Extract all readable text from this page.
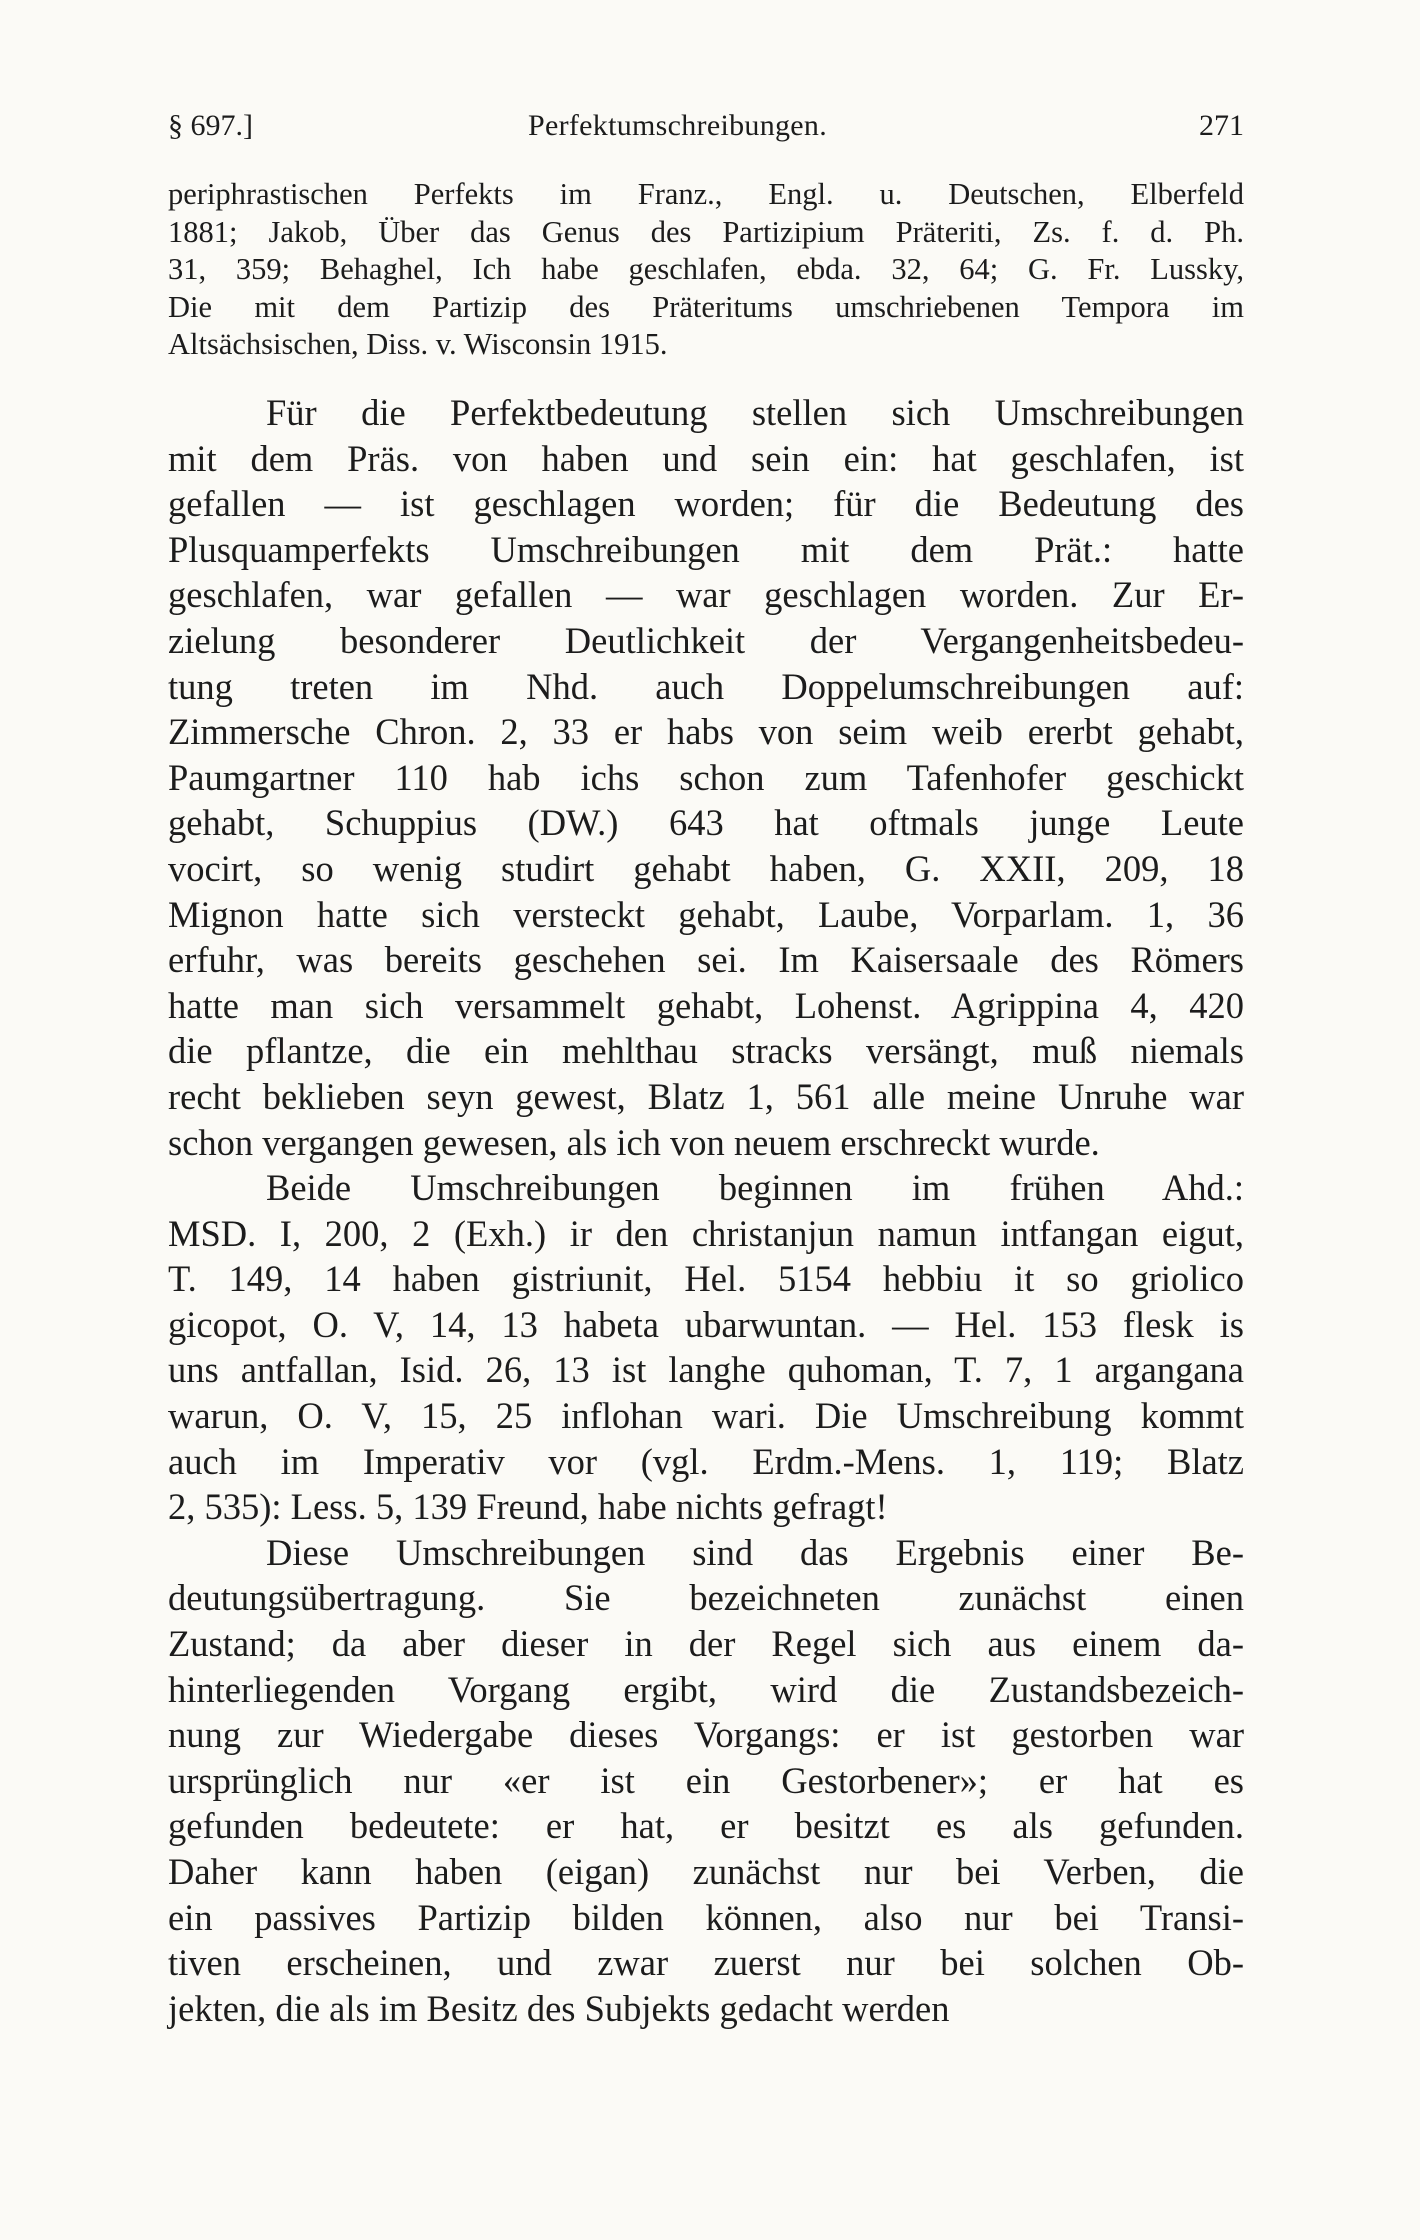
§ 697.]	Perfektumschreibungen.	271
periphrastischen Perfekts im Franz., Engl. u. Deutschen, Elberfeld
1881; Jakob, Über das Genus des Partizipium Präteriti, Zs. f. d. Ph.
31, 359; Behaghel, Ich habe geschlafen, ebda. 32, 64; G. Fr. Lussky,
Die mit dem Partizip des Präteritums umschriebenen Tempora im
Altsächsischen, Diss. v. Wisconsin 1915.
Für die Perfektbedeutung stellen sich Umschreibungen
mit dem Präs. von haben und sein ein: hat geschlafen, ist
gefallen — ist geschlagen worden; für die Bedeutung des
Plusquamperfekts Umschreibungen mit dem Prät.: hatte
geschlafen, war gefallen — war geschlagen worden. Zur Er-
zielung besonderer Deutlichkeit der Vergangenheitsbedeu-
tung treten im Nhd. auch Doppelumschreibungen auf:
Zimmersche Chron. 2, 33 er habs von seim weib ererbt gehabt,
Paumgartner 110 hab ichs schon zum Tafenhofer geschickt
gehabt, Schuppius (DW.) 643 hat oftmals junge Leute
vocirt, so wenig studirt gehabt haben, G. XXII, 209, 18
Mignon hatte sich versteckt gehabt, Laube, Vorparlam. 1, 36
erfuhr, was bereits geschehen sei. Im Kaisersaale des Römers
hatte man sich versammelt gehabt, Lohenst. Agrippina 4, 420
die pflantze, die ein mehlthau stracks versängt, muß niemals
recht beklieben seyn gewest, Blatz 1, 561 alle meine Unruhe war
schon vergangen gewesen, als ich von neuem erschreckt wurde.
Beide Umschreibungen beginnen im frühen Ahd.:
MSD. I, 200, 2 (Exh.) ir den christanjun namun intfangan eigut,
T. 149, 14 haben gistriunit, Hel. 5154 hebbiu it so griolico
gicopot, O. V, 14, 13 habeta ubarwuntan. — Hel. 153 flesk is
uns antfallan, Isid. 26, 13 ist langhe quhoman, T. 7, 1 argangana
warun, O. V, 15, 25 inflohan wari. Die Umschreibung kommt
auch im Imperativ vor (vgl. Erdm.-Mens. 1, 119; Blatz
2, 535): Less. 5, 139 Freund, habe nichts gefragt!
Diese Umschreibungen sind das Ergebnis einer Be-
deutungsübertragung. Sie bezeichneten zunächst einen
Zustand; da aber dieser in der Regel sich aus einem da-
hinterliegenden Vorgang ergibt, wird die Zustandsbezeich-
nung zur Wiedergabe dieses Vorgangs: er ist gestorben war
ursprünglich nur «er ist ein Gestorbener»; er hat es
gefunden bedeutete: er hat, er besitzt es als gefunden.
Daher kann haben (eigan) zunächst nur bei Verben, die
ein passives Partizip bilden können, also nur bei Transi-
tiven erscheinen, und zwar zuerst nur bei solchen Ob-
jekten, die als im Besitz des Subjekts gedacht werden
